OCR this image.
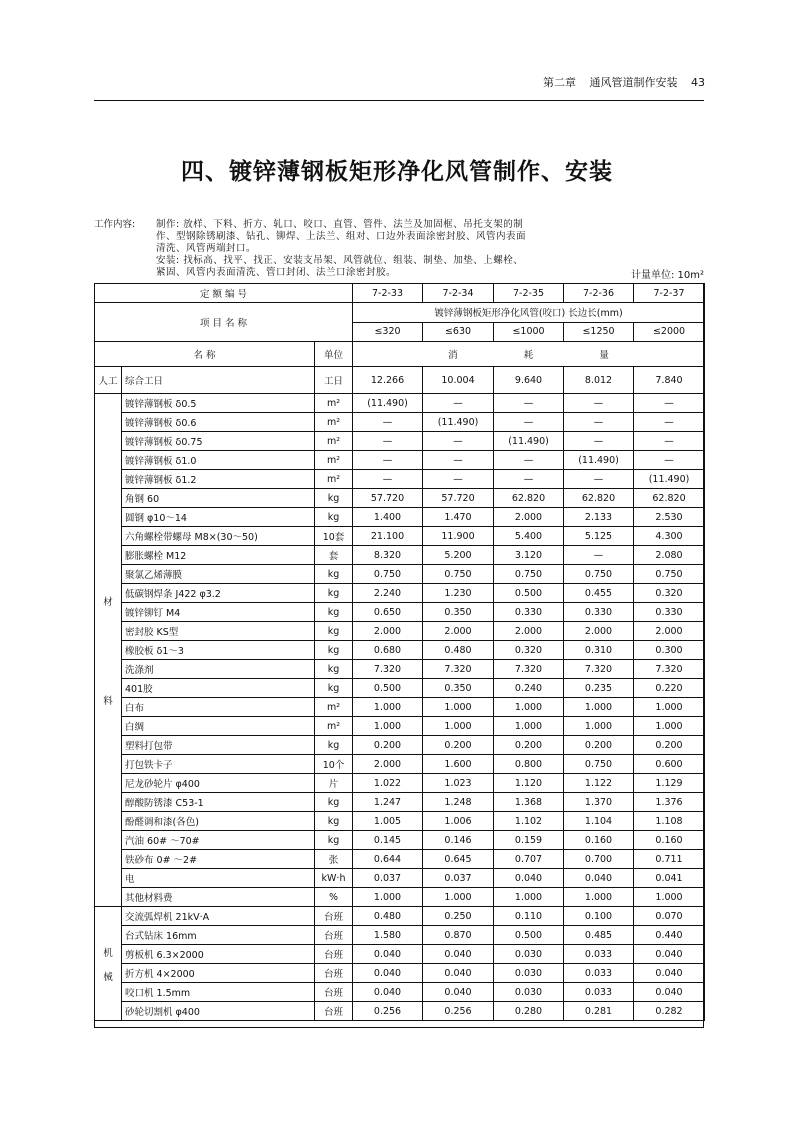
第二章 通风管道制作安装 43
四、镀锌薄钢板矩形净化风管制作、安装
工作内容:	制作: 放样、下料、折方、轧口、咬口、直管、管件、法兰及加固框、吊托支架的制
作、型钢除锈刷漆、钻孔、铆焊、上法兰、组对、口边外表面涂密封胶、风管内表面
清洗、风管两端封口。
安装: 找标高、找平、找正、安装支吊架、风管就位、组装、制垫、加垫、上螺栓、
紧固、风管内表面清洗、管口封闭、法兰口涂密封胶。	计量单位: 10m²
定 额 编 号			7-2-33	7-2-34	7-2-35	7-2-36	7-2-37
项 目 名 称			镀锌薄钢板矩形净化风管(咬口) 长边长(mm)				
			≤320	≤630	≤1000	≤1250	≤2000
名 称		单位	消 耗 量				
人工	综合工日	工日	12.266	10.004	9.640	8.012	7.840

材
料	镀锌薄钢板 δ0.5	m²	(11.490)	—	—	—	—
	镀锌薄钢板 δ0.6	m²	—	(11.490)	—	—	—
	镀锌薄钢板 δ0.75	m²	—	—	(11.490)	—	—
	镀锌薄钢板 δ1.0	m²	—	—	—	(11.490)	—
	镀锌薄钢板 δ1.2	m²	—	—	—	—	(11.490)
	角钢 60	kg	57.720	57.720	62.820	62.820	62.820
	圆钢 φ10～14	kg	1.400	1.470	2.000	2.133	2.530
	六角螺栓带螺母 M8×(30～50)	10套	21.100	11.900	5.400	5.125	4.300
	膨胀螺栓 M12	套	8.320	5.200	3.120	—	2.080
	聚氯乙烯薄膜	kg	0.750	0.750	0.750	0.750	0.750
	低碳钢焊条 J422 φ3.2	kg	2.240	1.230	0.500	0.455	0.320
	镀锌铆钉 M4	kg	0.650	0.350	0.330	0.330	0.330
	密封胶 KS型	kg	2.000	2.000	2.000	2.000	2.000
	橡胶板 δ1～3	kg	0.680	0.480	0.320	0.310	0.300
	洗涤剂	kg	7.320	7.320	7.320	7.320	7.320
	401胶	kg	0.500	0.350	0.240	0.235	0.220
	白布	m²	1.000	1.000	1.000	1.000	1.000
	白绸	m²	1.000	1.000	1.000	1.000	1.000
	塑料打包带	kg	0.200	0.200	0.200	0.200	0.200
	打包铁卡子	10个	2.000	1.600	0.800	0.750	0.600
	尼龙砂轮片 φ400	片	1.022	1.023	1.120	1.122	1.129
	醇酸防锈漆 C53-1	kg	1.247	1.248	1.368	1.370	1.376
	酚醛调和漆(各色)	kg	1.005	1.006	1.102	1.104	1.108
	汽油 60# ～70#	kg	0.145	0.146	0.159	0.160	0.160
	铁砂布 0# ～2#	张	0.644	0.645	0.707	0.700	0.711
	电	kW·h	0.037	0.037	0.040	0.040	0.041
	其他材料费	%	1.000	1.000	1.000	1.000	1.000

机
械	交流弧焊机 21kV·A	台班	0.480	0.250	0.110	0.100	0.070
	台式钻床 16mm	台班	1.580	0.870	0.500	0.485	0.440
	剪板机 6.3×2000	台班	0.040	0.040	0.030	0.033	0.040
	折方机 4×2000	台班	0.040	0.040	0.030	0.033	0.040
	咬口机 1.5mm	台班	0.040	0.040	0.030	0.033	0.040
	砂轮切割机 φ400	台班	0.256	0.256	0.280	0.281	0.282
